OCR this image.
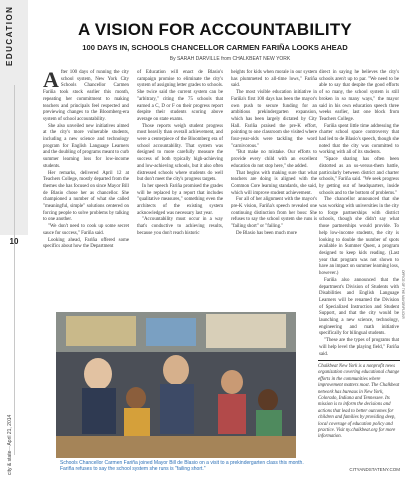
EDUCATION
10
city & state—April 21, 2014
A VISION FOR ACCOUNTABILITY
100 DAYS IN, SCHOOLS CHANCELLOR CARMEN FARIÑA LOOKS AHEAD
By SARAH DARVILLE from CHALKBEAT NEW YORK

After 100 days of running the city school system, New York City Schools Chancellor Carmen Fariña took stock earlier this month, repeating her commitment to making teachers and principals feel respected and previewing changes to the Bloomberg-era system of school accountability.

She also unveiled new initiatives aimed at the city's more vulnerable students, including a new science and technology program for English Language Learners and the doubling of programs meant to curb summer learning loss for low-income students.

Her remarks, delivered April 12 at Teachers College, mostly departed from the themes she has focused on since Mayor Bill de Blasio chose her as chancellor. She championed a number of what she called "meaningful, simple" solutions centered on forcing people to solve problems by talking to one another.

"We don't need to cook up some secret sauce for success," Fariña said.

Looking ahead, Fariña offered some specifics about how the Department

of Education will enact de Blasio's campaign promise to eliminate the city's system of assigning letter grades to schools. She twice said the current system can be "arbitrary," citing the 75 schools that earned a C, D or F on their progress report despite their students scoring above average on state exams.

Those reports weigh student progress most heavily than overall achievement, and were a centerpiece of the Bloomberg era of school accountability. That system was designed to more carefully measure the success of both typically high-achieving and low-achieving schools, but it also often distressed schools where students do well but don't meet the city's progress targets.

In her speech Fariña promised the grades will be replaced by a report that includes "qualitative measures," something even the architects of the existing system acknowledged was necessary last year.

"Accountability must occur in a way that's conductive to achieving results, because you don't reach historic

heights for kids when morale in our system has plummeted to all-time lows," Fariña said.

The most visible education initiative in Fariña's first 100 days has been the mayor's own push to secure funding for an ambitious prekindergarten expansion, which has been largely dictated by City Hall. Fariña praised the pre-K effort, pointing to one classroom she visited where four-year-olds were tackling the word "carnivorous."

"But make no mistake. Our efforts to provide every child with an excellent education do not stop here," she added.

That begins with making sure that what teachers are doing is aligned with the Common Core learning standards, she said, which will improve student achievement.

For all of her alignment with the mayor's pre-K vision, Fariña's speech revealed one continuing distinction from her boss: She refuses to say the school system she runs is "failing short" or "failing."

De Blasio has been much more

direct in saying he believes the city's schools aren't up to par. "We need to be able to say that despite the good efforts of so many, the school system is still broken in so many ways," the mayor said in his own education speech three weeks earlier, last one block from Teachers College.

Fariña spent little time addressing the charter school space controversy that had led to de Blasio's speech, though she noted that the city was committed to working with all of its students.

"Space sharing has often been distorted as an us-versus-them battle, particularly between district and charter schools," Fariña said. "We seek progress by getting out of headquarters, inside schools and to the bottom of problems."

The chancellor announced that she was working with universities in the city to forge partnerships with district schools, though she didn't say what those partnerships would provide. To help low-income students, the city is looking to double the number of spots available in Summer Quest, a program designed to keep kids reading. (Last year that program was not shown to have an impact on summer learning loss, however.)

Fariña also announced that the department's Division of Students with Disabilities and English Language Learners will be renamed the Division of Specialized Instruction and Student Support, and that the city would be launching a new science, technology, engineering and math initiative specifically for bilingual students.

"These are the types of programs that will help level the playing field," Fariña said.

Schools Chancellor Carmen Fariña joined Mayor Bill de Blasio on a visit to a prekindergarten class this month. Fariña refuses to say the school system she runs is "failing short."
OFFICE OF THE MAYOR/FLICKR
Chalkbeat New York is a nonprofit news organization covering educational change efforts in the communities where improvement matters most. The Chalkbeat network has bureaus in New York, Colorado, Indiana and Tennessee. Its mission is to inform the decisions and actions that lead to better outcomes for children and families by providing deep, local coverage of education policy and practice. Visit ny.chalkbeat.org for more information.
CITYANDSTATENY.COM
